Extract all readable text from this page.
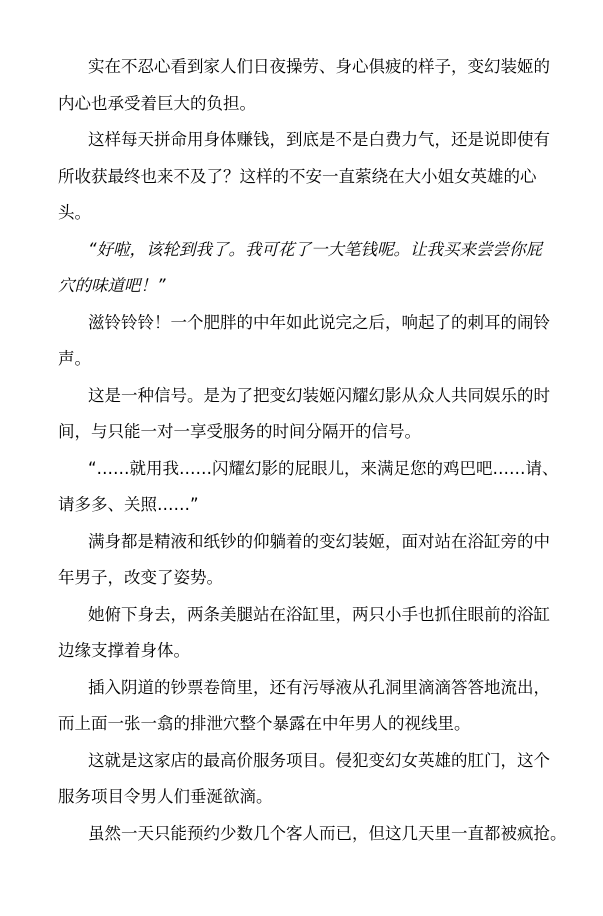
实在不忍心看到家人们日夜操劳、身心俱疲的样子，变幻装姬的
内心也承受着巨大的负担。
这样每天拼命用身体赚钱，到底是不是白费力气，还是说即使有
所收获最终也来不及了？这样的不安一直萦绕在大小姐女英雄的心
头。
“好啦，该轮到我了。我可花了一大笔钱呢。让我买来尝尝你屁
穴的味道吧！”
滋铃铃铃！一个肥胖的中年如此说完之后，响起了的刺耳的闹铃
声。
这是一种信号。是为了把变幻装姬闪耀幻影从众人共同娱乐的时
间，与只能一对一享受服务的时间分隔开的信号。
“……就用我……闪耀幻影的屁眼儿，来满足您的鸡巴吧……请、
请多多、关照……”
满身都是精液和纸钞的仰躺着的变幻装姬，面对站在浴缸旁的中
年男子，改变了姿势。
她俯下身去，两条美腿站在浴缸里，两只小手也抓住眼前的浴缸
边缘支撑着身体。
插入阴道的钞票卷筒里，还有污辱液从孔洞里滴滴答答地流出，
而上面一张一翕的排泄穴整个暴露在中年男人的视线里。
这就是这家店的最高价服务项目。侵犯变幻女英雄的肛门，这个
服务项目令男人们垂涎欲滴。
虽然一天只能预约少数几个客人而已，但这几天里一直都被疯抢。
